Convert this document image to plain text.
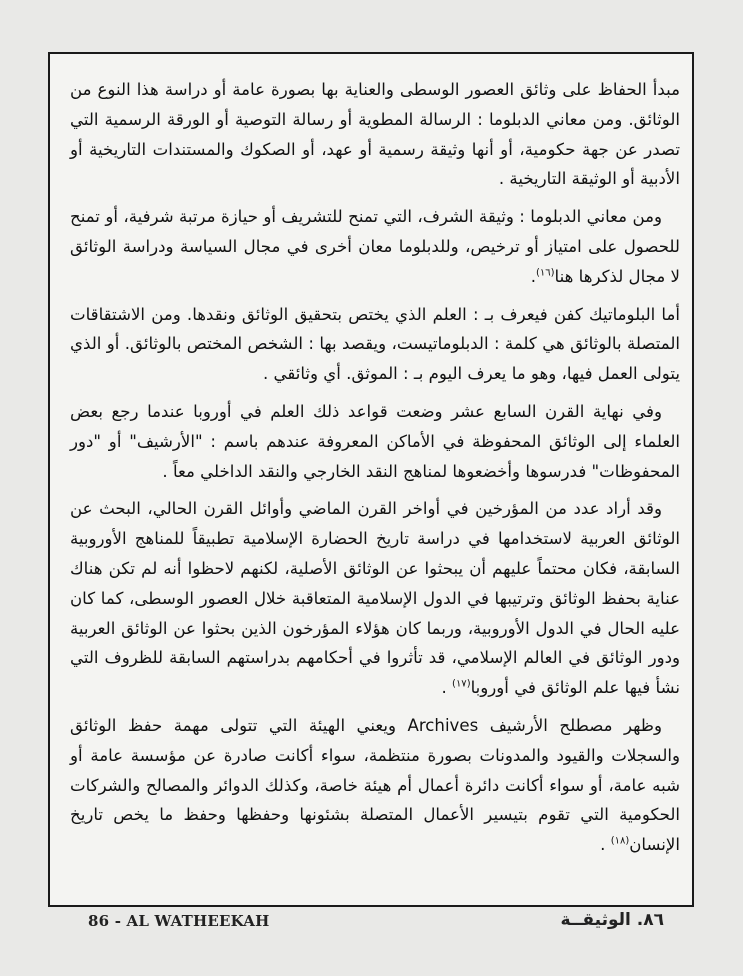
مبدأ الحفاظ على وثائق العصور الوسطى والعناية بها بصورة عامة أو دراسة هذا النوع من الوثائق. ومن معاني الدبلوما : الرسالة المطوية أو رسالة التوصية أو الورقة الرسمية التي تصدر عن جهة حكومية، أو أنها وثيقة رسمية أو عهد، أو الصكوك والمستندات التاريخية أو الأدبية أو الوثيقة التاريخية .

ومن معاني الدبلوما : وثيقة الشرف، التي تمنح للتشريف أو حيازة مرتبة شرفية، أو تمنح للحصول على امتياز أو ترخيص، وللدبلوما معان أخرى في مجال السياسة ودراسة الوثائق لا مجال لذكرها هنا$^{(١٦)}$.

أما البلوماتيك كفن فيعرف بـ : العلم الذي يختص بتحقيق الوثائق ونقدها. ومن الاشتقاقات المتصلة بالوثائق هي كلمة : الدبلوماتيست، ويقصد بها : الشخص المختص بالوثائق. أو الذي يتولى العمل فيها، وهو ما يعرف اليوم بـ : الموثق. أي وثائقي .

وفي نهاية القرن السابع عشر وضعت قواعد ذلك العلم في أوروبا عندما رجع بعض العلماء إلى الوثائق المحفوظة في الأماكن المعروفة عندهم باسم : "الأرشيف" أو "دور المحفوظات" فدرسوها وأخضعوها لمناهج النقد الخارجي والنقد الداخلي معاً .

وقد أراد عدد من المؤرخين في أواخر القرن الماضي وأوائل القرن الحالي، البحث عن الوثائق العربية لاستخدامها في دراسة تاريخ الحضارة الإسلامية تطبيقاً للمناهج الأوروبية السابقة، فكان محتماً عليهم أن يبحثوا عن الوثائق الأصلية، لكنهم لاحظوا أنه لم تكن هناك عناية بحفظ الوثائق وترتيبها في الدول الإسلامية المتعاقبة خلال العصور الوسطى، كما كان عليه الحال في الدول الأوروبية، وربما كان هؤلاء المؤرخون الذين بحثوا عن الوثائق العربية ودور الوثائق في العالم الإسلامي، قد تأثروا في أحكامهم بدراستهم السابقة للظروف التي نشأ فيها علم الوثائق في أوروبا$^{(١٧)}$ .

وظهر مصطلح الأرشيف Archives ويعني الهيئة التي تتولى مهمة حفظ الوثائق والسجلات والقيود والمدونات بصورة منتظمة، سواء أكانت صادرة عن مؤسسة عامة أو شبه عامة، أو سواء أكانت دائرة أعمال أم هيئة خاصة، وكذلك الدوائر والمصالح والشركات الحكومية التي تقوم بتيسير الأعمال المتصلة بشئونها وحفظها وحفظ ما يخص تاريخ الإنسان$^{(١٨)}$ .

86 - AL WATHEEKAH	٨٦. الوثيقــة
